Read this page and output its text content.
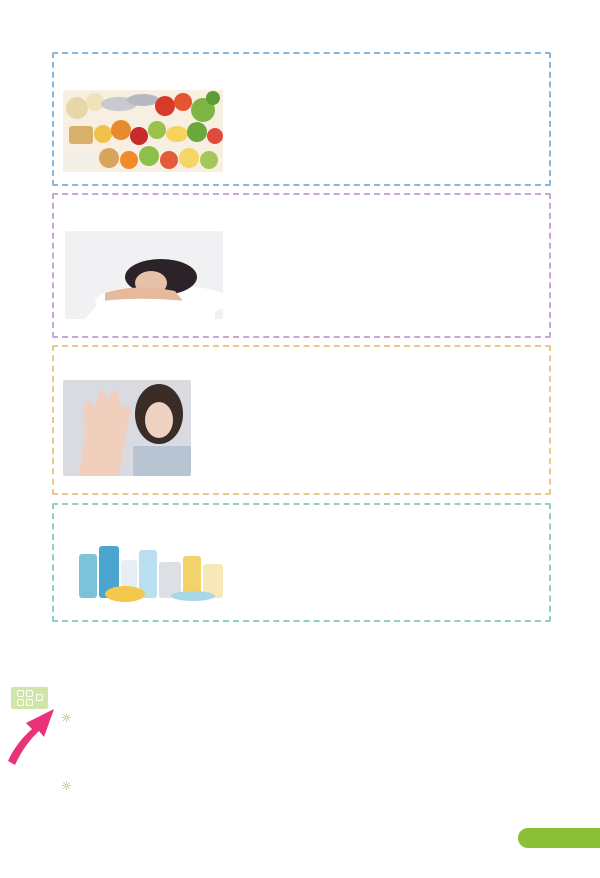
☼
☼
